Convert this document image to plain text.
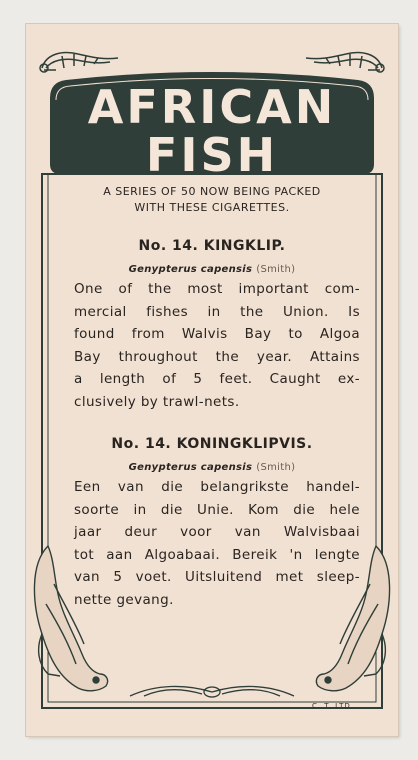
AFRICAN
FISH
A SERIES OF 50 NOW BEING PACKED
WITH THESE CIGARETTES.
No. 14. KINGKLIP.
Genypterus capensis (Smith)
One of the most important com-
mercial fishes in the Union. Is
found from Walvis Bay to Algoa
Bay throughout the year. Attains
a length of 5 feet. Caught ex-
clusively by trawl-nets.
No. 14. KONINGKLIPVIS.
Genypterus capensis (Smith)
Een van die belangrikste handel-
soorte in die Unie. Kom die hele
jaar deur voor van Walvisbaai
tot aan Algoabaai. Bereik 'n lengte
van 5 voet. Uitsluitend met sleep-
nette gevang.
C. T. LTD.
